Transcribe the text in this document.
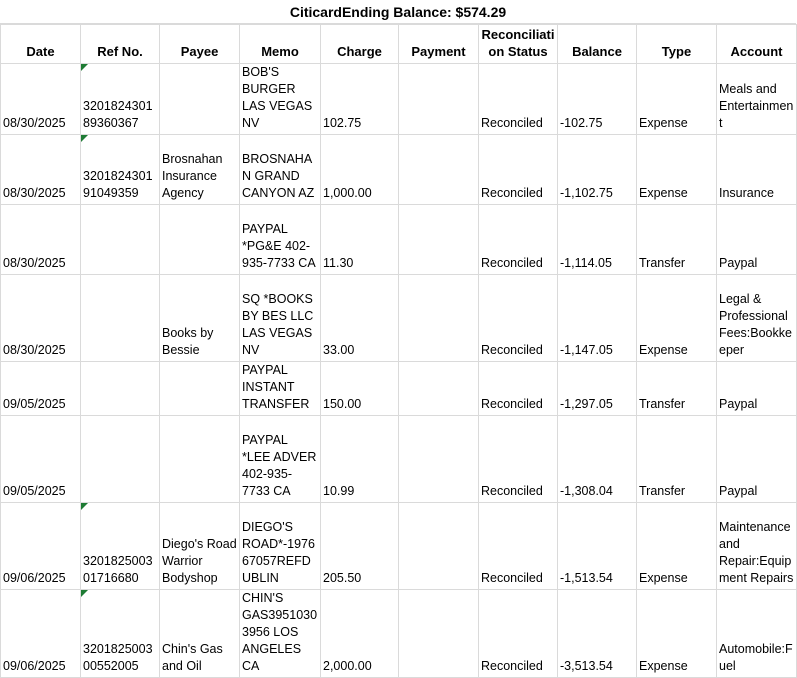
CiticardEnding Balance: $574.29
Date	Ref No.	Payee	Memo	Charge	Payment	Reconciliation Status	Balance	Type	Account
08/30/2025	320182430189360367		BOB'S BURGER LAS VEGAS NV	102.75		Reconciled	-102.75	Expense	Meals and Entertainment
08/30/2025	320182430191049359	Brosnahan Insurance Agency	BROSNAHAN GRAND CANYON AZ	1,000.00		Reconciled	-1,102.75	Expense	Insurance
08/30/2025			PAYPAL *PG&E 402-935-7733 CA	11.30		Reconciled	-1,114.05	Transfer	Paypal
08/30/2025		Books by Bessie	SQ *BOOKS BY BES LLC LAS VEGAS NV	33.00		Reconciled	-1,147.05	Expense	Legal & Professional Fees:Bookkeeper
09/05/2025			PAYPAL INSTANT TRANSFER	150.00		Reconciled	-1,297.05	Transfer	Paypal
09/05/2025			PAYPAL *LEE ADVER 402-935-7733 CA	10.99		Reconciled	-1,308.04	Transfer	Paypal
09/06/2025	320182500301716680	Diego's Road Warrior Bodyshop	DIEGO'S ROAD*-197667057REFDUBLIN	205.50		Reconciled	-1,513.54	Expense	Maintenance and Repair:Equipment Repairs
09/06/2025	320182500300552005	Chin's Gas and Oil	CHIN'S GAS39510303956 LOS ANGELES CA	2,000.00		Reconciled	-3,513.54	Expense	Automobile:Fuel
